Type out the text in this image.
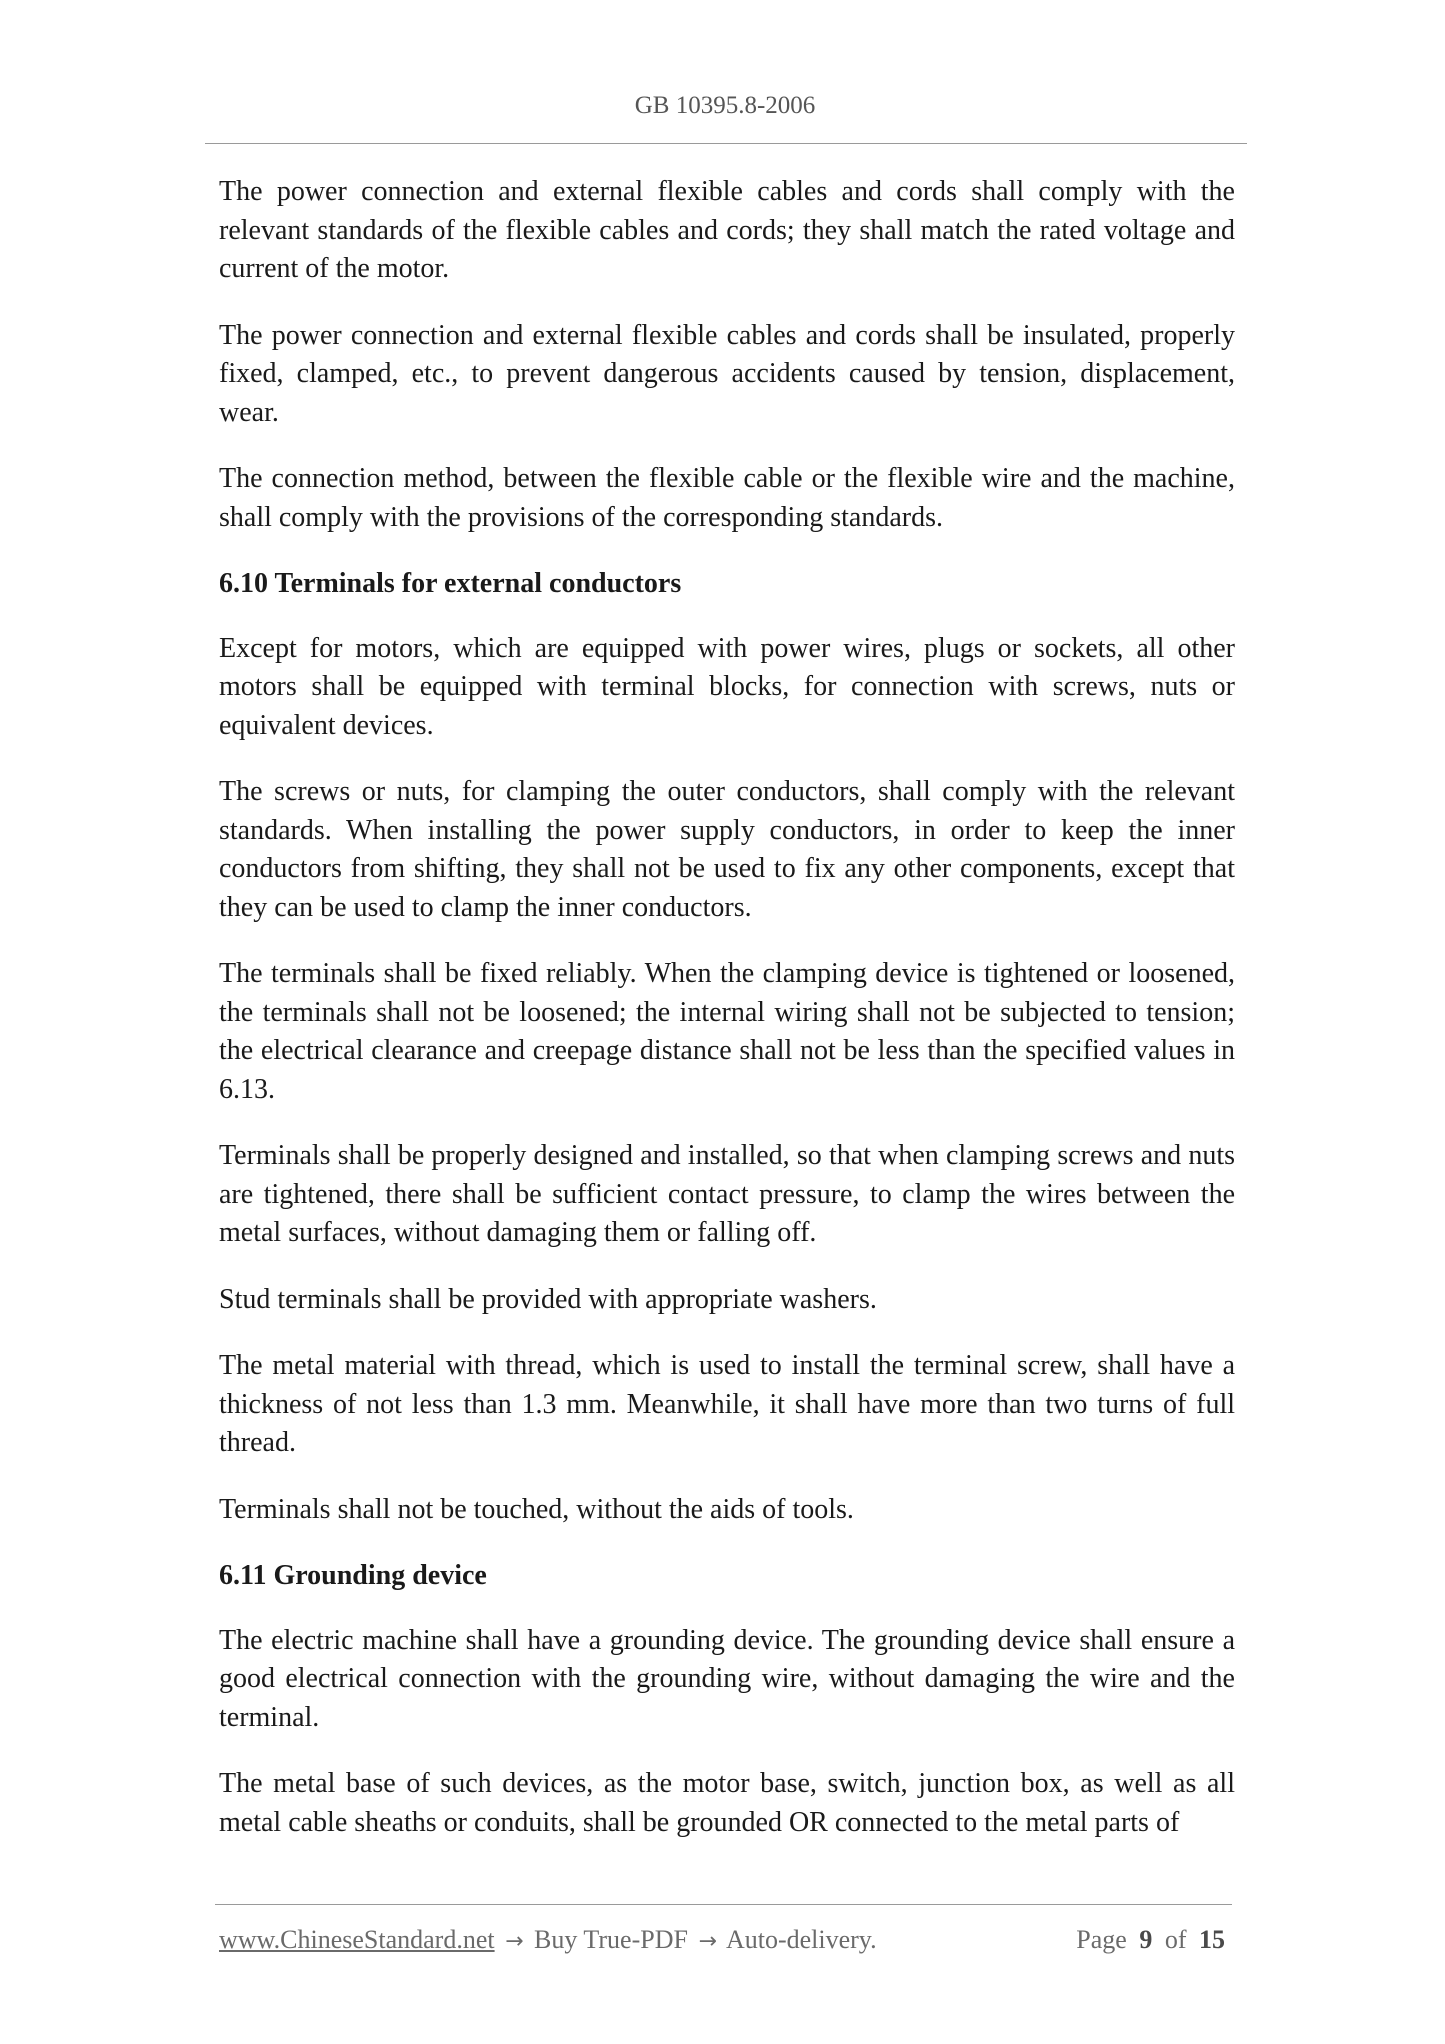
GB 10395.8-2006

The power connection and external flexible cables and cords shall comply with the relevant standards of the flexible cables and cords; they shall match the rated voltage and current of the motor.

The power connection and external flexible cables and cords shall be insulated, properly fixed, clamped, etc., to prevent dangerous accidents caused by tension, displacement, wear.

The connection method, between the flexible cable or the flexible wire and the machine, shall comply with the provisions of the corresponding standards.

6.10 Terminals for external conductors

Except for motors, which are equipped with power wires, plugs or sockets, all other motors shall be equipped with terminal blocks, for connection with screws, nuts or equivalent devices.

The screws or nuts, for clamping the outer conductors, shall comply with the relevant standards. When installing the power supply conductors, in order to keep the inner conductors from shifting, they shall not be used to fix any other components, except that they can be used to clamp the inner conductors.

The terminals shall be fixed reliably. When the clamping device is tightened or loosened, the terminals shall not be loosened; the internal wiring shall not be subjected to tension; the electrical clearance and creepage distance shall not be less than the specified values in 6.13.

Terminals shall be properly designed and installed, so that when clamping screws and nuts are tightened, there shall be sufficient contact pressure, to clamp the wires between the metal surfaces, without damaging them or falling off.

Stud terminals shall be provided with appropriate washers.

The metal material with thread, which is used to install the terminal screw, shall have a thickness of not less than 1.3 mm. Meanwhile, it shall have more than two turns of full thread.

Terminals shall not be touched, without the aids of tools.

6.11 Grounding device

The electric machine shall have a grounding device. The grounding device shall ensure a good electrical connection with the grounding wire, without damaging the wire and the terminal.

The metal base of such devices, as the motor base, switch, junction box, as well as all metal cable sheaths or conduits, shall be grounded OR connected to the metal parts of

www.ChineseStandard.net → Buy True-PDF → Auto-delivery.	Page 9 of 15
